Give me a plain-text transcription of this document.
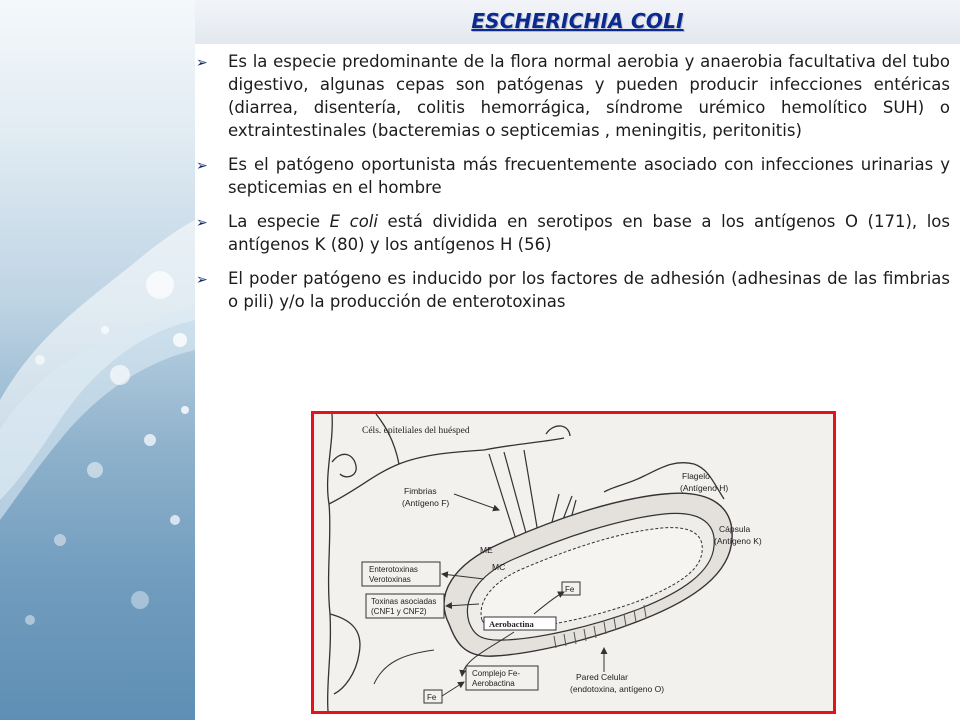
ESCHERICHIA COLI
➢ Es la especie predominante de la flora normal aerobia y anaerobia facultativa del tubo digestivo, algunas cepas son patógenas y pueden producir infecciones entéricas (diarrea, disentería, colitis hemorrágica, síndrome urémico hemolítico SUH) o extraintestinales (bacteremias o septicemias , meningitis, peritonitis)
➢ Es el patógeno oportunista más frecuentemente asociado con infecciones urinarias y septicemias en el hombre
➢ La especie E coli está dividida en serotipos en base a los antígenos O (171), los antígenos K (80) y los antígenos H (56)
➢ El poder patógeno es inducido por los factores de adhesión (adhesinas de las fimbrias o pili) y/o la producción de enterotoxinas
Céls. epiteliales del huésped
Fimbrias
(Antígeno F)
Flagelo
(Antígeno H)
Cápsula
(Antígeno K)
ME
MC
Enterotoxinas
Verotoxinas
Toxinas asociadas
(CNF1 y CNF2)
Fe
Aerobactina
Pared Celular
(endotoxina, antígeno O)
Complejo Fe-
Aerobactina
Fe
